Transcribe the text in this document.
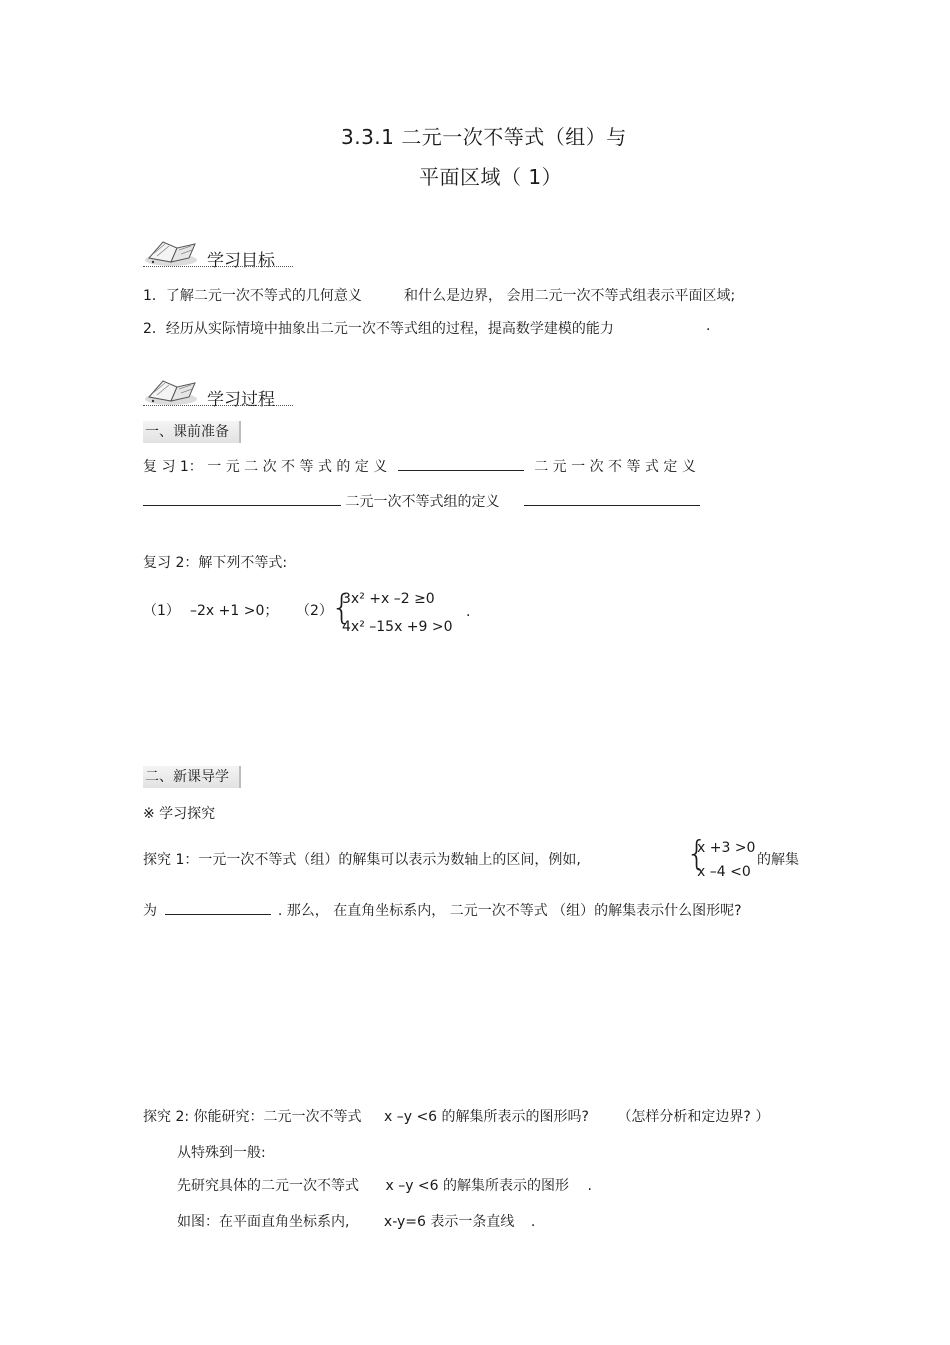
3.3.1 二元一次不等式（组）与
平面区域（ 1）
学习目标
1．了解二元一次不等式的几何意义	和什么是边界， 会用二元一次不等式组表示平面区域;
2．经历从实际情境中抽象出二元一次不等式组的过程，提高数学建模的能力	.
学习过程
一、课前准备
复 习 1： 一 元 二 次 不 等 式 的 定 义	二 元 一 次 不 等 式 定 义
二元一次不等式组的定义
复习 2：解下列不等式:
（1） –2x +1 >0； （2）
{
3x² +x –2 ≥0
4x² –15x +9 >0
.
二、新课导学
※ 学习探究
探究 1：一元一次不等式（组）的解集可以表示为数轴上的区间，例如,	{
x +3 >0
x –4 <0
的解集
为	. 那么， 在直角坐标系内， 二元一次不等式 （组）的解集表示什么图形呢?
探究 2: 你能研究：二元一次不等式 x –y <6 的解集所表示的图形吗? （怎样分析和定边界? ）
从特殊到一般:
先研究具体的二元一次不等式 x –y <6 的解集所表示的图形 .
如图：在平面直角坐标系内, x-y=6 表示一条直线 .
